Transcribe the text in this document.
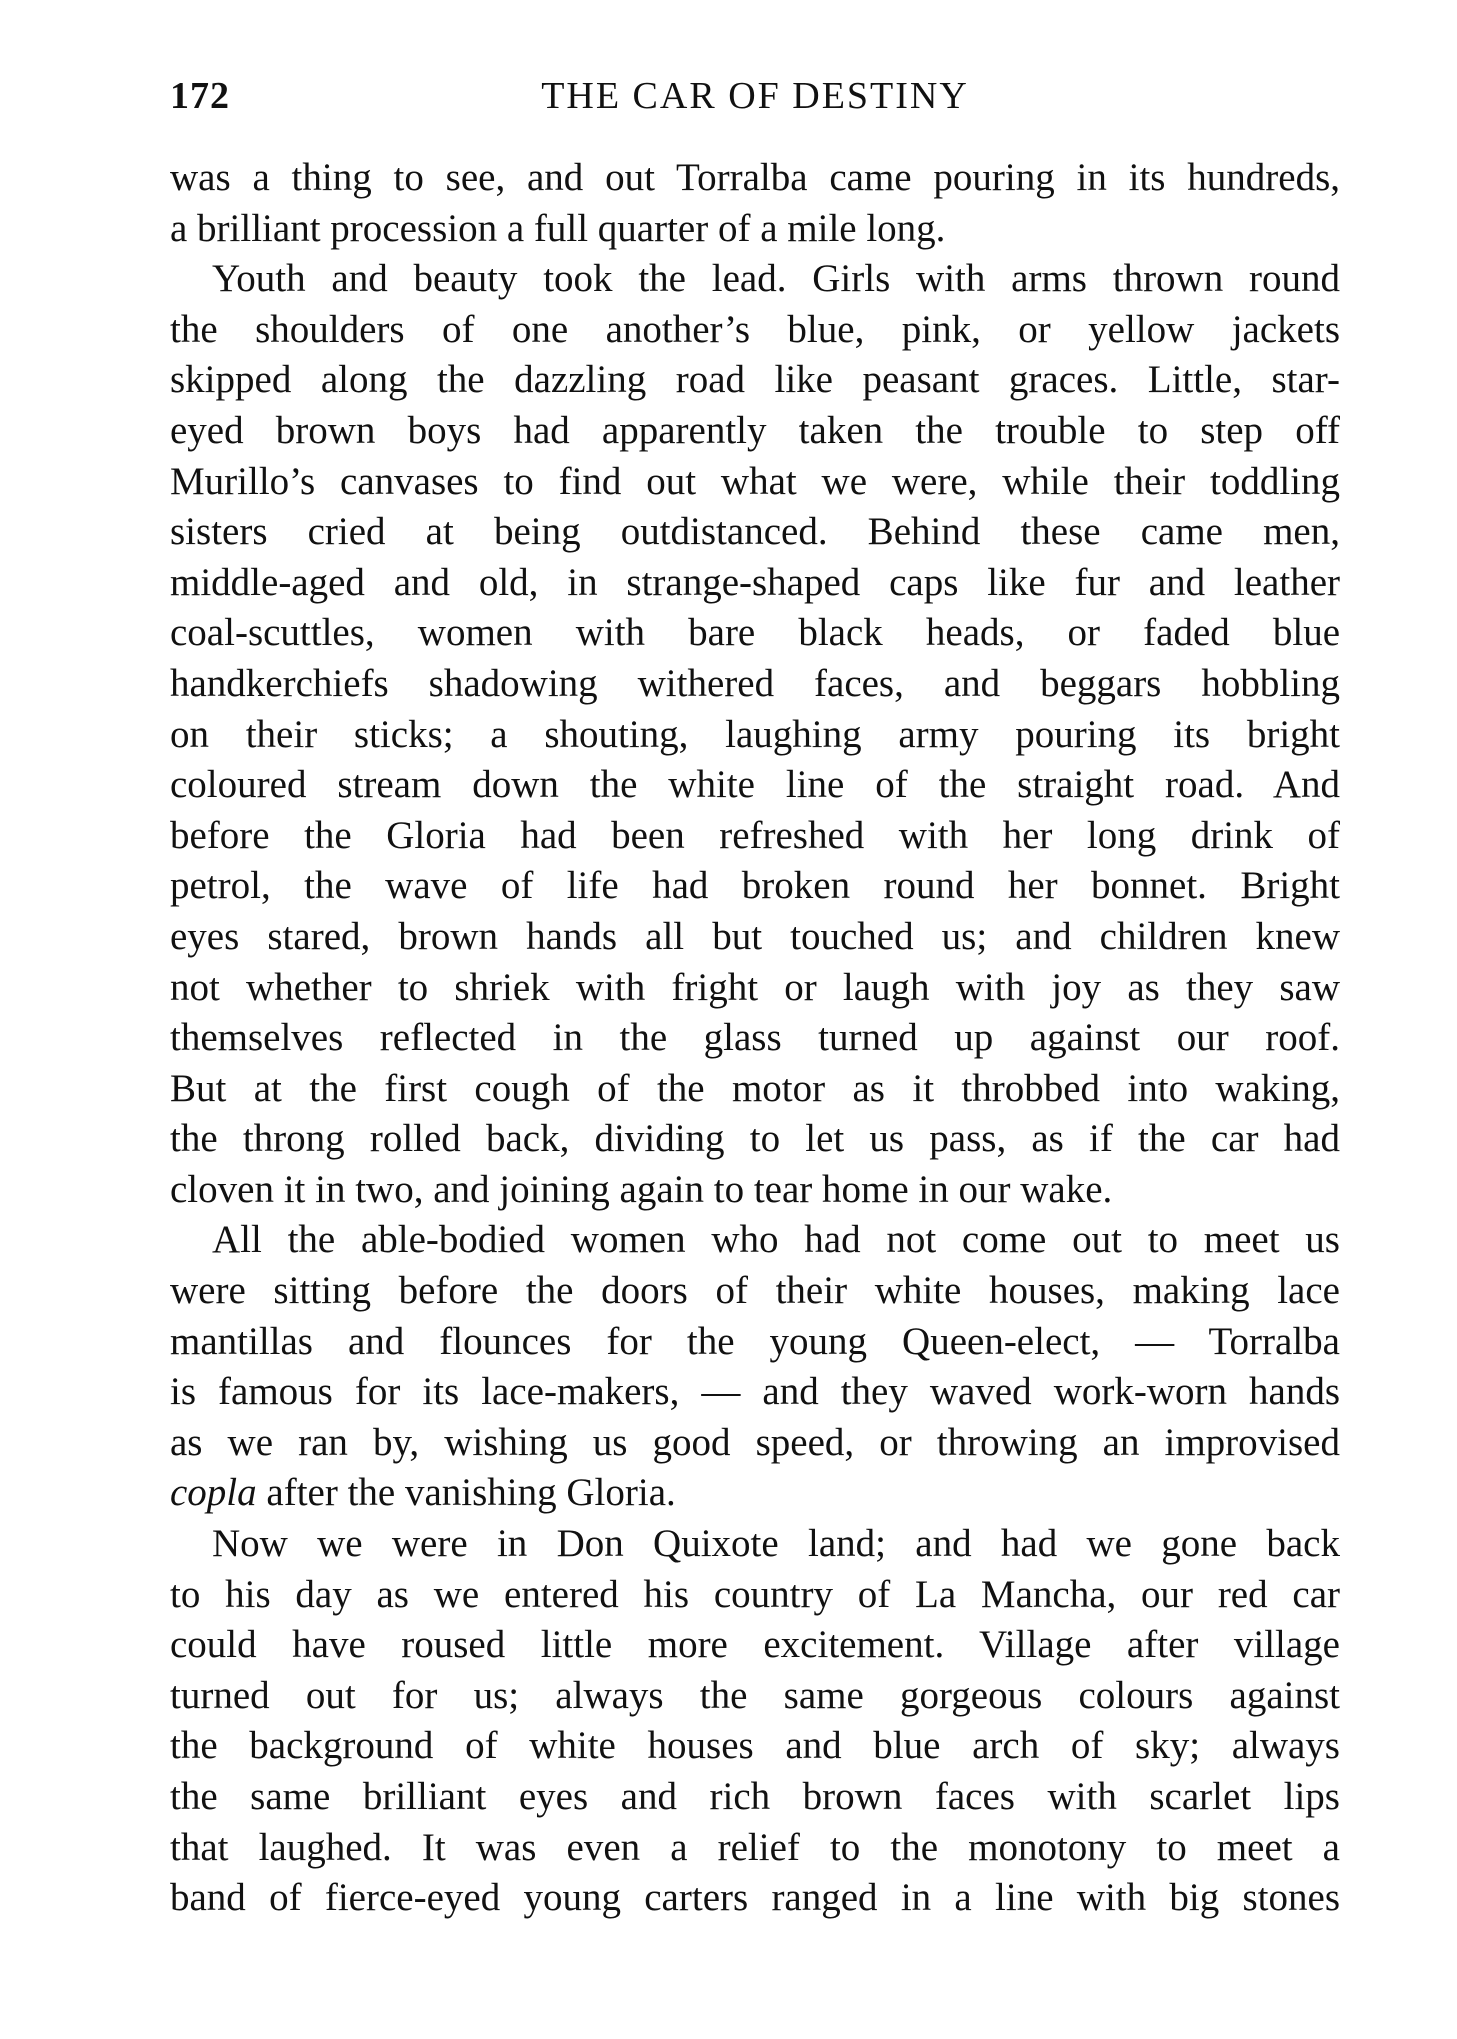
172	THE CAR OF DESTINY
was a thing to see, and out Torralba came pouring in its hundreds,
a brilliant procession a full quarter of a mile long.
Youth and beauty took the lead. Girls with arms thrown round
the shoulders of one another’s blue, pink, or yellow jackets
skipped along the dazzling road like peasant graces. Little, star-
eyed brown boys had apparently taken the trouble to step off
Murillo’s canvases to find out what we were, while their toddling
sisters cried at being outdistanced. Behind these came men,
middle-aged and old, in strange-shaped caps like fur and leather
coal-scuttles, women with bare black heads, or faded blue
handkerchiefs shadowing withered faces, and beggars hobbling
on their sticks; a shouting, laughing army pouring its bright
coloured stream down the white line of the straight road. And
before the Gloria had been refreshed with her long drink of
petrol, the wave of life had broken round her bonnet. Bright
eyes stared, brown hands all but touched us; and children knew
not whether to shriek with fright or laugh with joy as they saw
themselves reflected in the glass turned up against our roof.
But at the first cough of the motor as it throbbed into waking,
the throng rolled back, dividing to let us pass, as if the car had
cloven it in two, and joining again to tear home in our wake.
All the able-bodied women who had not come out to meet us
were sitting before the doors of their white houses, making lace
mantillas and flounces for the young Queen-elect, — Torralba
is famous for its lace-makers, — and they waved work-worn hands
as we ran by, wishing us good speed, or throwing an improvised
copla after the vanishing Gloria.
Now we were in Don Quixote land; and had we gone back
to his day as we entered his country of La Mancha, our red car
could have roused little more excitement. Village after village
turned out for us; always the same gorgeous colours against
the background of white houses and blue arch of sky; always
the same brilliant eyes and rich brown faces with scarlet lips
that laughed. It was even a relief to the monotony to meet a
band of fierce-eyed young carters ranged in a line with big stones
